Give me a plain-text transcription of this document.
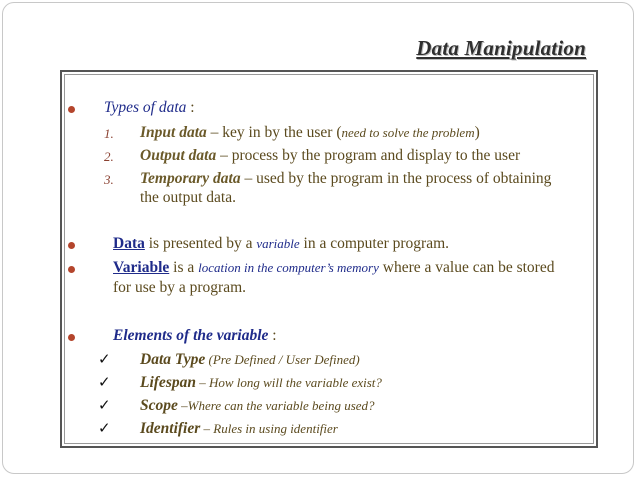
Data Manipulation
Types of data :
1. Input data – key in by the user (need to solve the problem)
2. Output data – process by the program and display to the user
3. Temporary data – used by the program in the process of obtaining
the output data.
Data is presented by a variable in a computer program.
Variable is a location in the computer’s memory where a value can be stored
for use by a program.
Elements of the variable :
✓ Data Type (Pre Defined / User Defined)
✓ Lifespan – How long will the variable exist?
✓ Scope –Where can the variable being used?
✓ Identifier – Rules in using identifier
